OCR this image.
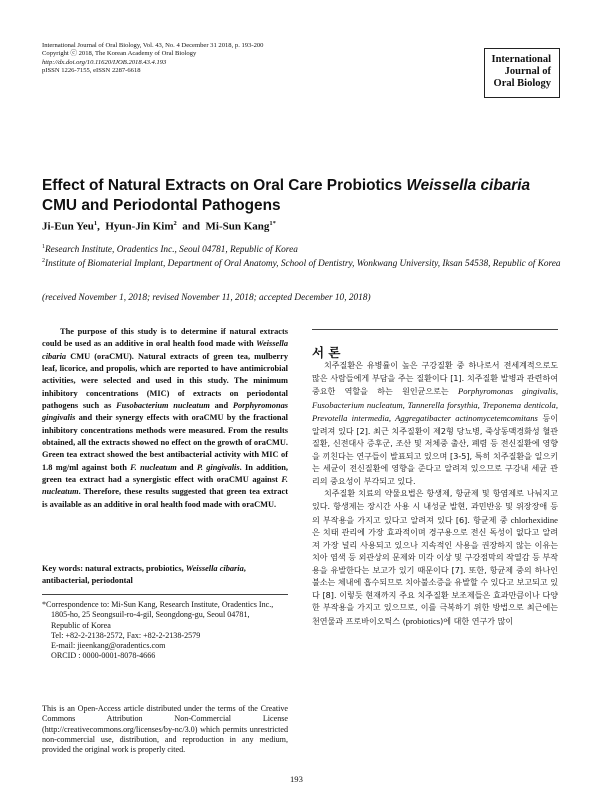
International Journal of Oral Biology, Vol. 43, No. 4 December 31 2018, p. 193-200
Copyright ⓒ 2018, The Korean Academy of Oral Biology
http://dx.doi.org/10.11620/IJOB.2018.43.4.193
pISSN 1226-7155, eISSN 2287-6618
International
Journal of
Oral Biology
Effect of Natural Extracts on Oral Care Probiotics Weissella cibaria CMU and Periodontal Pathogens
Ji-Eun Yeu$^1$,  Hyun-Jin Kim$^2$  and  Mi-Sun Kang$^{1*}$
$^1$Research Institute, Oradentics Inc., Seoul 04781, Republic of Korea
$^2$Institute of Biomaterial Implant, Department of Oral Anatomy, School of Dentistry, Wonkwang University, Iksan 54538, Republic of Korea
(received November 1, 2018; revised November 11, 2018; accepted December 10, 2018)
The purpose of this study is to determine if natural extracts could be used as an additive in oral health food made with Weissella cibaria CMU (oraCMU). Natural extracts of green tea, mulberry leaf, licorice, and propolis, which are reported to have antimicrobial activities, were selected and used in this study. The minimum inhibitory concentrations (MIC) of extracts on periodontal pathogens such as Fusobacterium nucleatum and Porphyromonas gingivalis and their synergy effects with oraCMU by the fractional inhibitory concentrations methods were measured. From the results obtained, all the extracts showed no effect on the growth of oraCMU. Green tea extract showed the best antibacterial activity with MIC of 1.8 mg/ml against both F. nucleatum and P. gingivalis. In addition, green tea extract had a synergistic effect with oraCMU against F. nucleatum. Therefore, these results suggested that green tea extract is available as an additive in oral health food made with oraCMU.
Key words: natural extracts, probiotics, Weissella cibaria, antibacterial, periodontal
*Correspondence to: Mi-Sun Kang, Research Institute, Oradentics Inc.,
1805-ho, 25 Seongsuil-ro-4-gil, Seongdong-gu, Seoul 04781,
Republic of Korea
Tel: +82-2-2138-2572, Fax: +82-2-2138-2579
E-mail: jieenkang@oradentics.com
ORCID : 0000-0001-8078-4666
This is an Open-Access article distributed under the terms of the Creative Commons Attribution Non-Commercial License (http://creativecommons.org/licenses/by-nc/3.0) which permits unrestricted non-commercial use, distribution, and reproduction in any medium, provided the original work is properly cited.
서 론
치주질환은 유병률이 높은 구강질환 중 하나로서 전세계적으로도 많은 사람들에게 부담을 주는 질환이다 [1]. 치주질환 발병과 관련하여 중요한 역할을 하는 원인균으로는 Porphyromonas gingivalis, Fusobacterium nucleatum, Tannerella forsythia, Treponema denticola, Prevotella intermedia, Aggregatibacter actinomycetemcomitans 등이 알려져 있다 [2]. 최근 치주질환이 제2형 당뇨병, 죽상동맥경화성 혈관 질환, 신전대사 증후군, 조산 및 저체중 출산, 폐렴 등 전신질환에 영향을 끼친다는 연구들이 발표되고 있으며 [3-5], 특히 치주질환을 일으키는 세균이 전신질환에 영향을 준다고 알려져 있으므로 구강내 세균 관리의 중요성이 부각되고 있다.
치주질환 치료의 약물요법은 항생제, 항균제 및 항염제로 나눠지고 있다. 항생제는 장시간 사용 시 내성균 발현, 과민반응 및 위장장애 등의 부작용을 가지고 있다고 알려져 있다 [6]. 항균제 중 chlorhexidine은 치태 관리에 가장 효과적이며 경구용으로 전신 독성이 없다고 알려져 가장 널리 사용되고 있으나 지속적인 사용을 권장하지 않는 이유는 치아 염색 등 외관상의 문제와 미각 이상 및 구강점막의 작열감 등 부작용을 유발한다는 보고가 있기 때문이다 [7]. 또한, 항균제 중의 하나인 불소는 체내에 흡수되므로 치아불소증을 유발할 수 있다고 보고되고 있다 [8]. 이렇듯 현재까지 주요 치주질환 보조제들은 효과만큼이나 다양한 부작용을 가지고 있으므로, 이를 극복하기 위한 방법으로 최근에는 천연물과 프로바이오틱스 (probiotics)에 대한 연구가 많이
193
